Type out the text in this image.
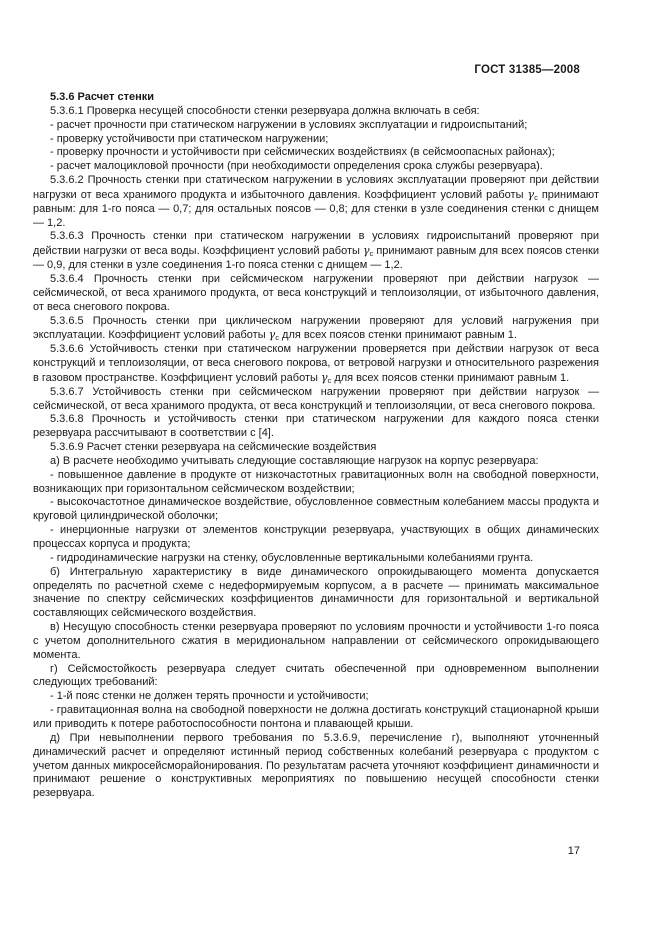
ГОСТ 31385—2008

5.3.6 Расчет стенки

5.3.6.1 Проверка несущей способности стенки резервуара должна включать в себя:

- расчет прочности при статическом нагружении в условиях эксплуатации и гидроиспытаний;

- проверку устойчивости при статическом нагружении;

- проверку прочности и устойчивости при сейсмических воздействиях (в сейсмоопасных районах);

- расчет малоцикловой прочности (при необходимости определения срока службы резервуара).

5.3.6.2 Прочность стенки при статическом нагружении в условиях эксплуатации проверяют при действии нагрузки от веса хранимого продукта и избыточного давления. Коэффициент условий работы $\gamma_с$ принимают равным: для 1-го пояса — 0,7; для остальных поясов — 0,8; для стенки в узле соединения стенки с днищем — 1,2.

5.3.6.3 Прочность стенки при статическом нагружении в условиях гидроиспытаний проверяют при действии нагрузки от веса воды. Коэффициент условий работы $\gamma_с$ принимают равным для всех поясов стенки — 0,9, для стенки в узле соединения 1-го пояса стенки с днищем — 1,2.

5.3.6.4 Прочность стенки при сейсмическом нагружении проверяют при действии нагрузок — сейсмической, от веса хранимого продукта, от веса конструкций и теплоизоляции, от избыточного давления, от веса снегового покрова.

5.3.6.5 Прочность стенки при циклическом нагружении проверяют для условий нагружения при эксплуатации. Коэффициент условий работы $\gamma_с$ для всех поясов стенки принимают равным 1.

5.3.6.6 Устойчивость стенки при статическом нагружении проверяется при действии нагрузок от веса конструкций и теплоизоляции, от веса снегового покрова, от ветровой нагрузки и относительного разрежения в газовом пространстве. Коэффициент условий работы $\gamma_с$ для всех поясов стенки принимают равным 1.

5.3.6.7 Устойчивость стенки при сейсмическом нагружении проверяют при действии нагрузок — сейсмической, от веса хранимого продукта, от веса конструкций и теплоизоляции, от веса снегового покрова.

5.3.6.8 Прочность и устойчивость стенки при статическом нагружении для каждого пояса стенки резервуара рассчитывают в соответствии с [4].

5.3.6.9 Расчет стенки резервуара на сейсмические воздействия

а) В расчете необходимо учитывать следующие составляющие нагрузок на корпус резервуара:

- повышенное давление в продукте от низкочастотных гравитационных волн на свободной поверхности, возникающих при горизонтальном сейсмическом воздействии;

- высокочастотное динамическое воздействие, обусловленное совместным колебанием массы продукта и круговой цилиндрической оболочки;

- инерционные нагрузки от элементов конструкции резервуара, участвующих в общих динамических процессах корпуса и продукта;

- гидродинамические нагрузки на стенку, обусловленные вертикальными колебаниями грунта.

б) Интегральную характеристику в виде динамического опрокидывающего момента допускается определять по расчетной схеме с недеформируемым корпусом, а в расчете — принимать максимальное значение по спектру сейсмических коэффициентов динамичности для горизонтальной и вертикальной составляющих сейсмического воздействия.

в) Несущую способность стенки резервуара проверяют по условиям прочности и устойчивости 1-го пояса с учетом дополнительного сжатия в меридиональном направлении от сейсмического опрокидывающего момента.

г) Сейсмостойкость резервуара следует считать обеспеченной при одновременном выполнении следующих требований:

- 1-й пояс стенки не должен терять прочности и устойчивости;

- гравитационная волна на свободной поверхности не должна достигать конструкций стационарной крыши или приводить к потере работоспособности понтона и плавающей крыши.

д) При невыполнении первого требования по 5.3.6.9, перечисление г), выполняют уточненный динамический расчет и определяют истинный период собственных колебаний резервуара с продуктом с учетом данных микросейсморайонирования. По результатам расчета уточняют коэффициент динамичности и принимают решение о конструктивных мероприятиях по повышению несущей способности стенки резервуара.

17
